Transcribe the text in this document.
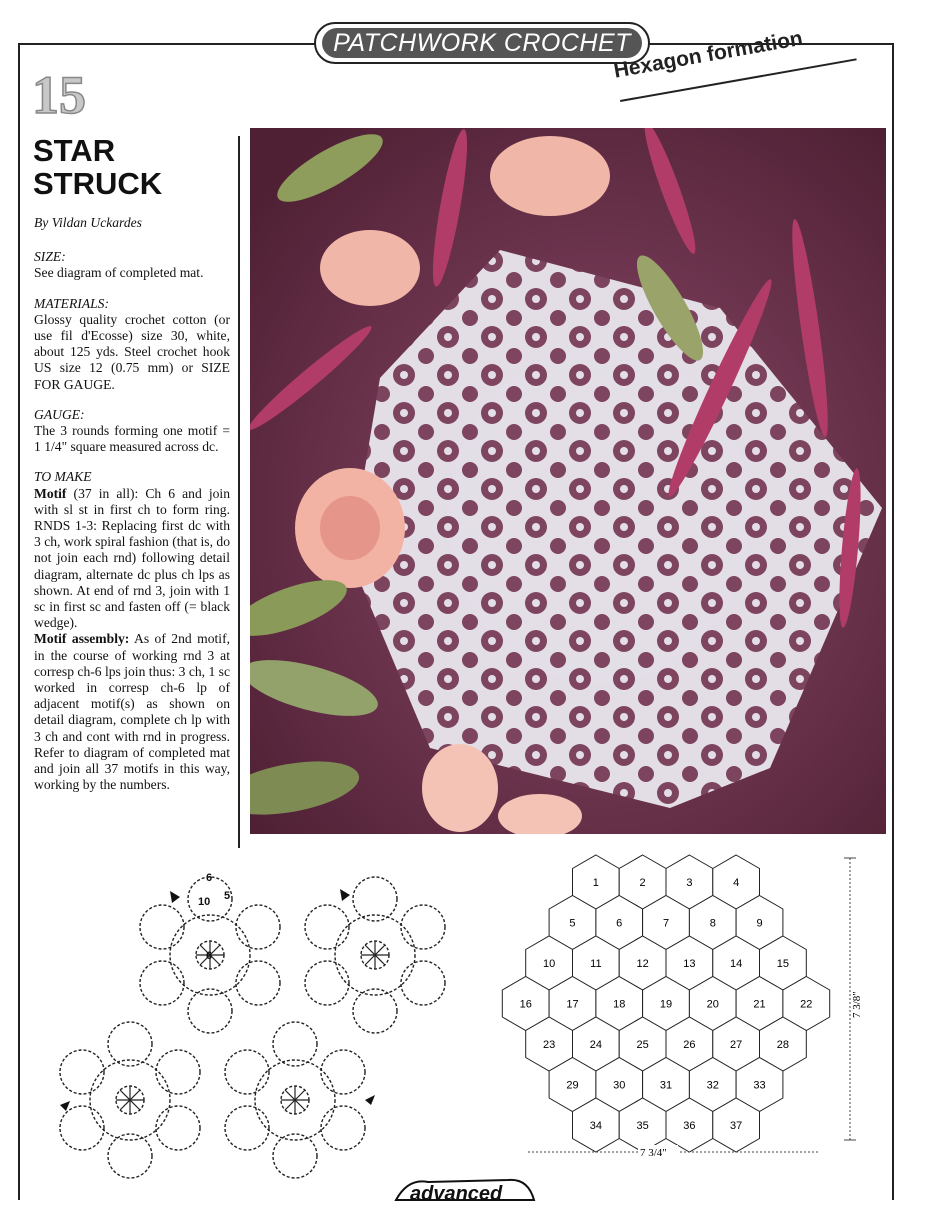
PATCHWORK CROCHET
Hexagon formation
15
STAR
STRUCK

By Vildan Uckardes

SIZE:

See diagram of completed mat.

MATERIALS:

Glossy quality crochet cotton (or use fil d'Ecosse) size 30, white, about 125 yds. Steel crochet hook US size 12 (0.75 mm) or SIZE FOR GAUGE.

GAUGE:

The 3 rounds forming one motif = 1 1/4" square measured across dc.

TO MAKE

Motif (37 in all): Ch 6 and join with sl st in first ch to form ring. RNDS 1-3: Replacing first dc with 3 ch, work spiral fashion (that is, do not join each rnd) following detail diagram, alternate dc plus ch lps as shown. At end of rnd 3, join with 1 sc in first sc and fasten off (= black wedge).

Motif assembly: As of 2nd motif, in the course of working rnd 3 at corresp ch-6 lps join thus: 3 ch, 1 sc worked in corresp ch-6 lp of adjacent motif(s) as shown on detail diagram, complete ch lp with 3 ch and cont with rnd in progress. Refer to diagram of completed mat and join all 37 motifs in this way, working by the numbers.

6
10 5
6
1	2	3	4
5	6	7	8	9
10	11	12	13	14	15
16	17	18	19	20	21	22
23	24	25	26	27	28
29	30	31	32	33
34	35	36	37
7 3/8"
7 3/4"
advanced
